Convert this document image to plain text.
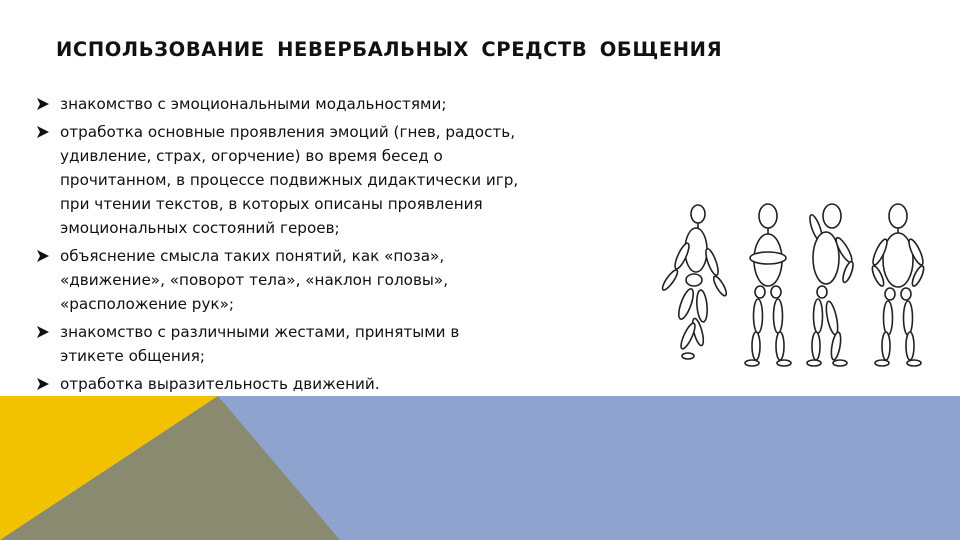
ИСПОЛЬЗОВАНИЕ НЕВЕРБАЛЬНЫХ СРЕДСТВ ОБЩЕНИЯ
знакомство с эмоциональными модальностями;
отработка основные проявления эмоций (гнев, радость,
удивление, страх, огорчение) во время бесед о
прочитанном, в процессе подвижных дидактически игр,
при чтении текстов, в которых описаны проявления
эмоциональных состояний героев;
объяснение смысла таких понятий, как «поза»,
«движение», «поворот тела», «наклон головы»,
«расположение рук»;
знакомство с различными жестами, принятыми в
этикете общения;
отработка выразительность движений.
